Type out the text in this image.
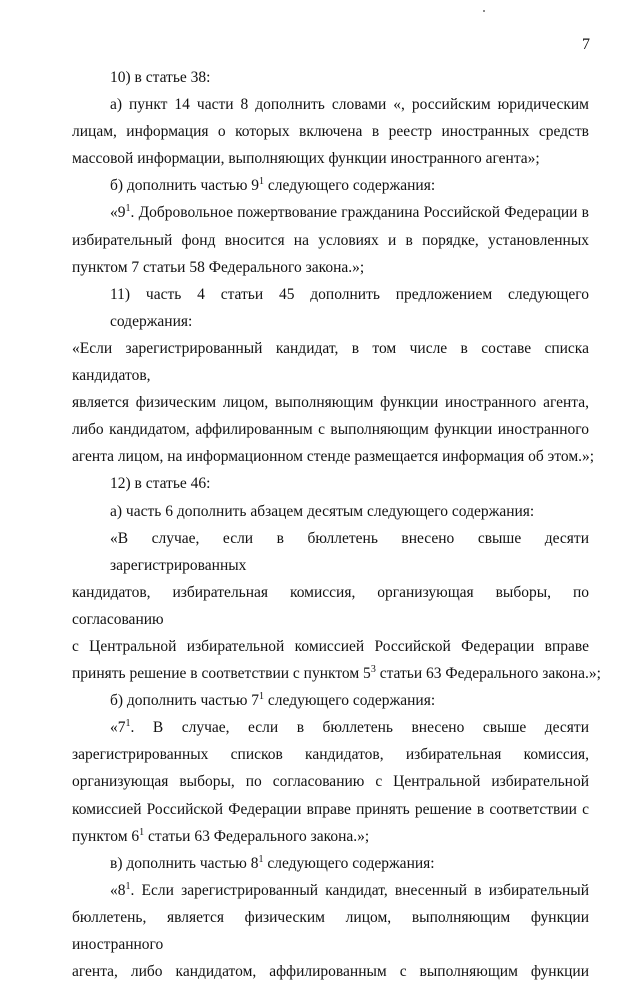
7
10) в статье 38:
а) пункт 14 части 8 дополнить словами «, российским юридическим
лицам, информация о которых включена в реестр иностранных средств
массовой информации, выполняющих функции иностранного агента»;
б) дополнить частью $9^1$ следующего содержания:
«$9^1$. Добровольное пожертвование гражданина Российской Федерации в
избирательный фонд вносится на условиях и в порядке, установленных
пунктом 7 статьи 58 Федерального закона.»;
11) часть 4 статьи 45 дополнить предложением следующего содержания:
«Если зарегистрированный кандидат, в том числе в составе списка кандидатов,
является физическим лицом, выполняющим функции иностранного агента,
либо кандидатом, аффилированным с выполняющим функции иностранного
агента лицом, на информационном стенде размещается информация об этом.»;
12) в статье 46:
а) часть 6 дополнить абзацем десятым следующего содержания:
«В случае, если в бюллетень внесено свыше десяти зарегистрированных
кандидатов, избирательная комиссия, организующая выборы, по согласованию
с Центральной избирательной комиссией Российской Федерации вправе
принять решение в соответствии с пунктом $5^3$ статьи 63 Федерального закона.»;
б) дополнить частью $7^1$ следующего содержания:
«$7^1$. В случае, если в бюллетень внесено свыше десяти
зарегистрированных списков кандидатов, избирательная комиссия,
организующая выборы, по согласованию с Центральной избирательной
комиссией Российской Федерации вправе принять решение в соответствии с
пунктом $6^1$ статьи 63 Федерального закона.»;
в) дополнить частью $8^1$ следующего содержания:
«$8^1$. Если зарегистрированный кандидат, внесенный в избирательный
бюллетень, является физическим лицом, выполняющим функции иностранного
агента, либо кандидатом, аффилированным с выполняющим функции
